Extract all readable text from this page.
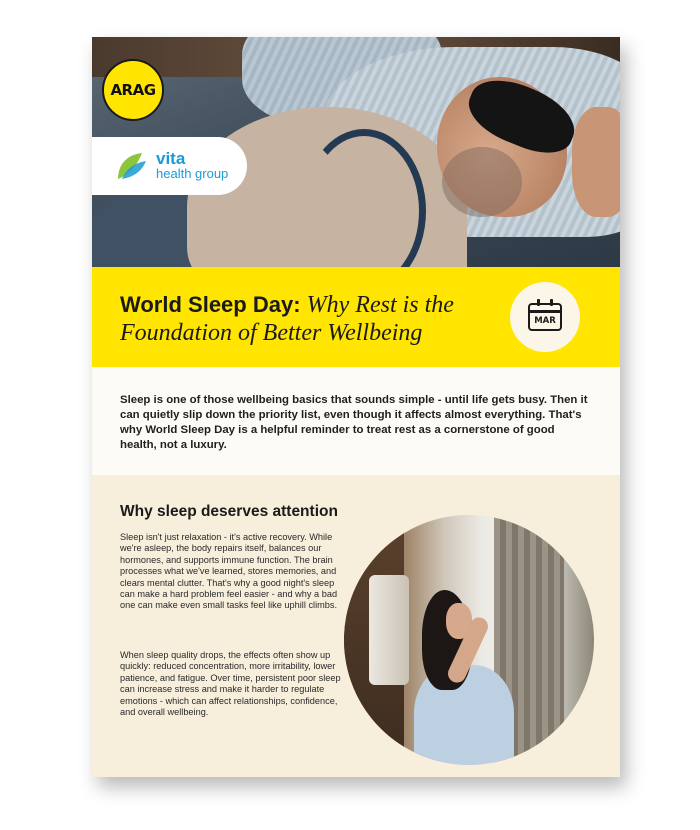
ARAG
vita
health group
World Sleep Day: Why Rest is the Foundation of Better Wellbeing	MAR

Sleep is one of those wellbeing basics that sounds simple - until life gets busy. Then it can quietly slip down the priority list, even though it affects almost everything. That's why World Sleep Day is a helpful reminder to treat rest as a cornerstone of good health, not a luxury.

Why sleep deserves attention

Sleep isn't just relaxation - it's active recovery. While we're asleep, the body repairs itself, balances our hormones, and supports immune function. The brain processes what we've learned, stores memories, and clears mental clutter. That's why a good night's sleep can make a hard problem feel easier - and why a bad one can make even small tasks feel like uphill climbs.

When sleep quality drops, the effects often show up quickly: reduced concentration, more irritability, lower patience, and fatigue. Over time, persistent poor sleep can increase stress and make it harder to regulate emotions - which can affect relationships, confidence, and overall wellbeing.
